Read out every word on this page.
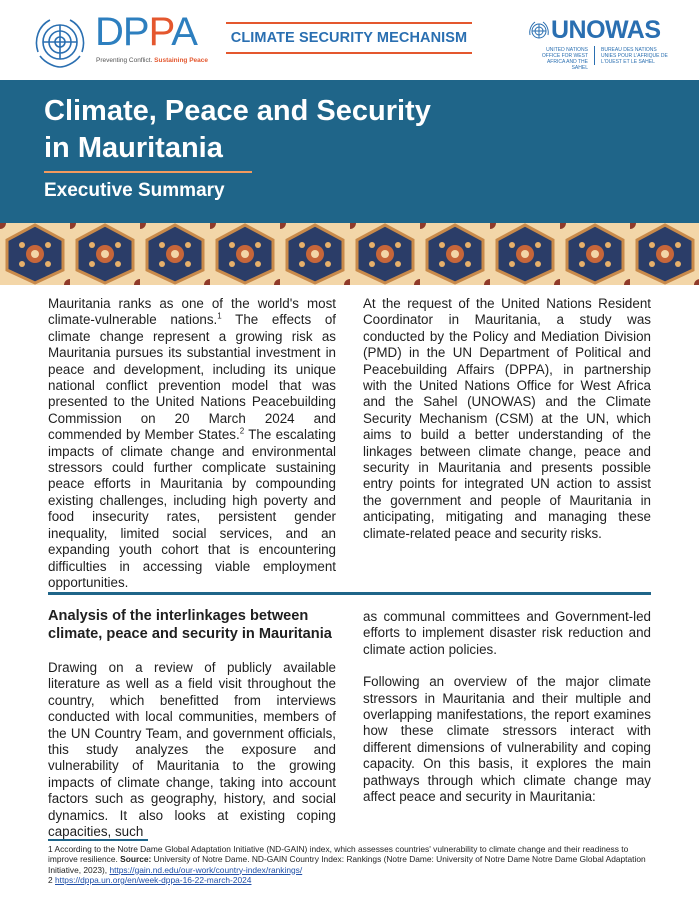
DPPA
Preventing Conflict. Sustaining Peace
CLIMATE SECURITY MECHANISM	UNOWAS
UNITED NATIONS OFFICE FOR WEST AFRICA AND THE SAHEL
BUREAU DES NATIONS UNIES POUR L'AFRIQUE DE L'OUEST ET LE SAHEL
Climate, Peace and Security
in Mauritania
Executive Summary

Mauritania ranks as one of the world's most climate-vulnerable nations.$^1$ The effects of climate change represent a growing risk as Mauritania pursues its substantial investment in peace and development, including its unique national conflict prevention model that was presented to the United Nations Peacebuilding Commission on 20 March 2024 and commended by Member States.$^2$ The escalating impacts of climate change and environmental stressors could further complicate sustaining peace efforts in Mauritania by compounding existing challenges, including high poverty and food insecurity rates, persistent gender inequality, limited social services, and an expanding youth cohort that is encountering difficulties in accessing viable employment opportunities.

At the request of the United Nations Resident Coordinator in Mauritania, a study was conducted by the Policy and Mediation Division (PMD) in the UN Department of Political and Peacebuilding Affairs (DPPA), in partnership with the United Nations Office for West Africa and the Sahel (UNOWAS) and the Climate Security Mechanism (CSM) at the UN, which aims to build a better understanding of the linkages between climate change, peace and security in Mauritania and presents possible entry points for integrated UN action to assist the government and people of Mauritania in anticipating, mitigating and managing these climate-related peace and security risks.

Analysis of the interlinkages between climate, peace and security in Mauritania

Drawing on a review of publicly available literature as well as a field visit throughout the country, which benefitted from interviews conducted with local communities, members of the UN Country Team, and government officials, this study analyzes the exposure and vulnerability of Mauritania to the growing impacts of climate change, taking into account factors such as geography, history, and social dynamics. It also looks at existing coping capacities, such

as communal committees and Government-led efforts to implement disaster risk reduction and climate action policies.

Following an overview of the major climate stressors in Mauritania and their multiple and overlapping manifestations, the report examines how these climate stressors interact with different dimensions of vulnerability and coping capacity. On this basis, it explores the main pathways through which climate change may affect peace and security in Mauritania:

1 According to the Notre Dame Global Adaptation Initiative (ND-GAIN) index, which assesses countries' vulnerability to climate change and their readiness to improve resilience. Source: University of Notre Dame. ND-GAIN Country Index: Rankings (Notre Dame: University of Notre Dame Notre Dame Global Adaptation Initiative, 2023), https://gain.nd.edu/our-work/country-index/rankings/
2 https://dppa.un.org/en/week-dppa-16-22-march-2024
